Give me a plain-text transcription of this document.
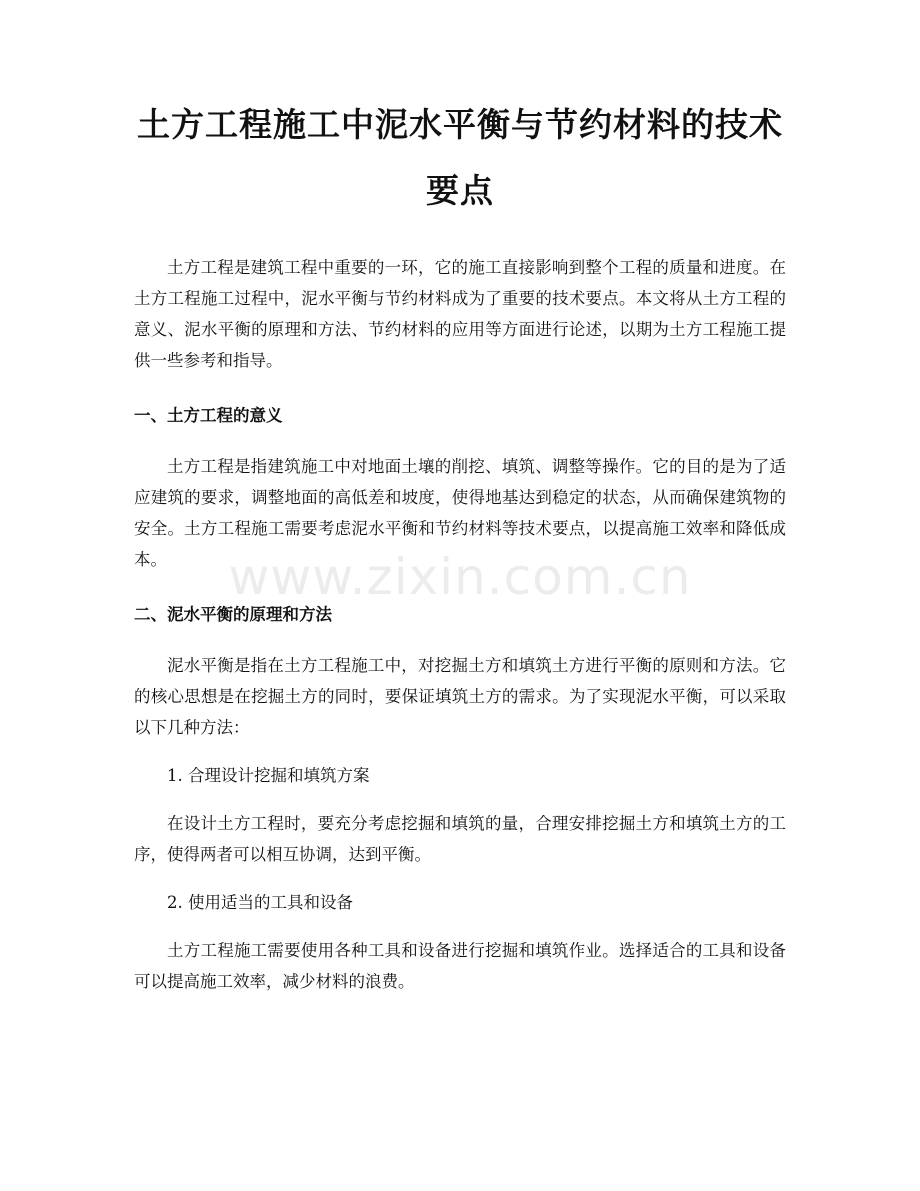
土方工程施工中泥水平衡与节约材料的技术要点

土方工程是建筑工程中重要的一环，它的施工直接影响到整个工程的质量和进度。在土方工程施工过程中，泥水平衡与节约材料成为了重要的技术要点。本文将从土方工程的意义、泥水平衡的原理和方法、节约材料的应用等方面进行论述，以期为土方工程施工提供一些参考和指导。

一、土方工程的意义

土方工程是指建筑施工中对地面土壤的削挖、填筑、调整等操作。它的目的是为了适应建筑的要求，调整地面的高低差和坡度，使得地基达到稳定的状态，从而确保建筑物的安全。土方工程施工需要考虑泥水平衡和节约材料等技术要点，以提高施工效率和降低成本。

二、泥水平衡的原理和方法

泥水平衡是指在土方工程施工中，对挖掘土方和填筑土方进行平衡的原则和方法。它的核心思想是在挖掘土方的同时，要保证填筑土方的需求。为了实现泥水平衡，可以采取以下几种方法：

1. 合理设计挖掘和填筑方案

在设计土方工程时，要充分考虑挖掘和填筑的量，合理安排挖掘土方和填筑土方的工序，使得两者可以相互协调，达到平衡。

2. 使用适当的工具和设备

土方工程施工需要使用各种工具和设备进行挖掘和填筑作业。选择适合的工具和设备可以提高施工效率，减少材料的浪费。

www.zixin.com.cn
